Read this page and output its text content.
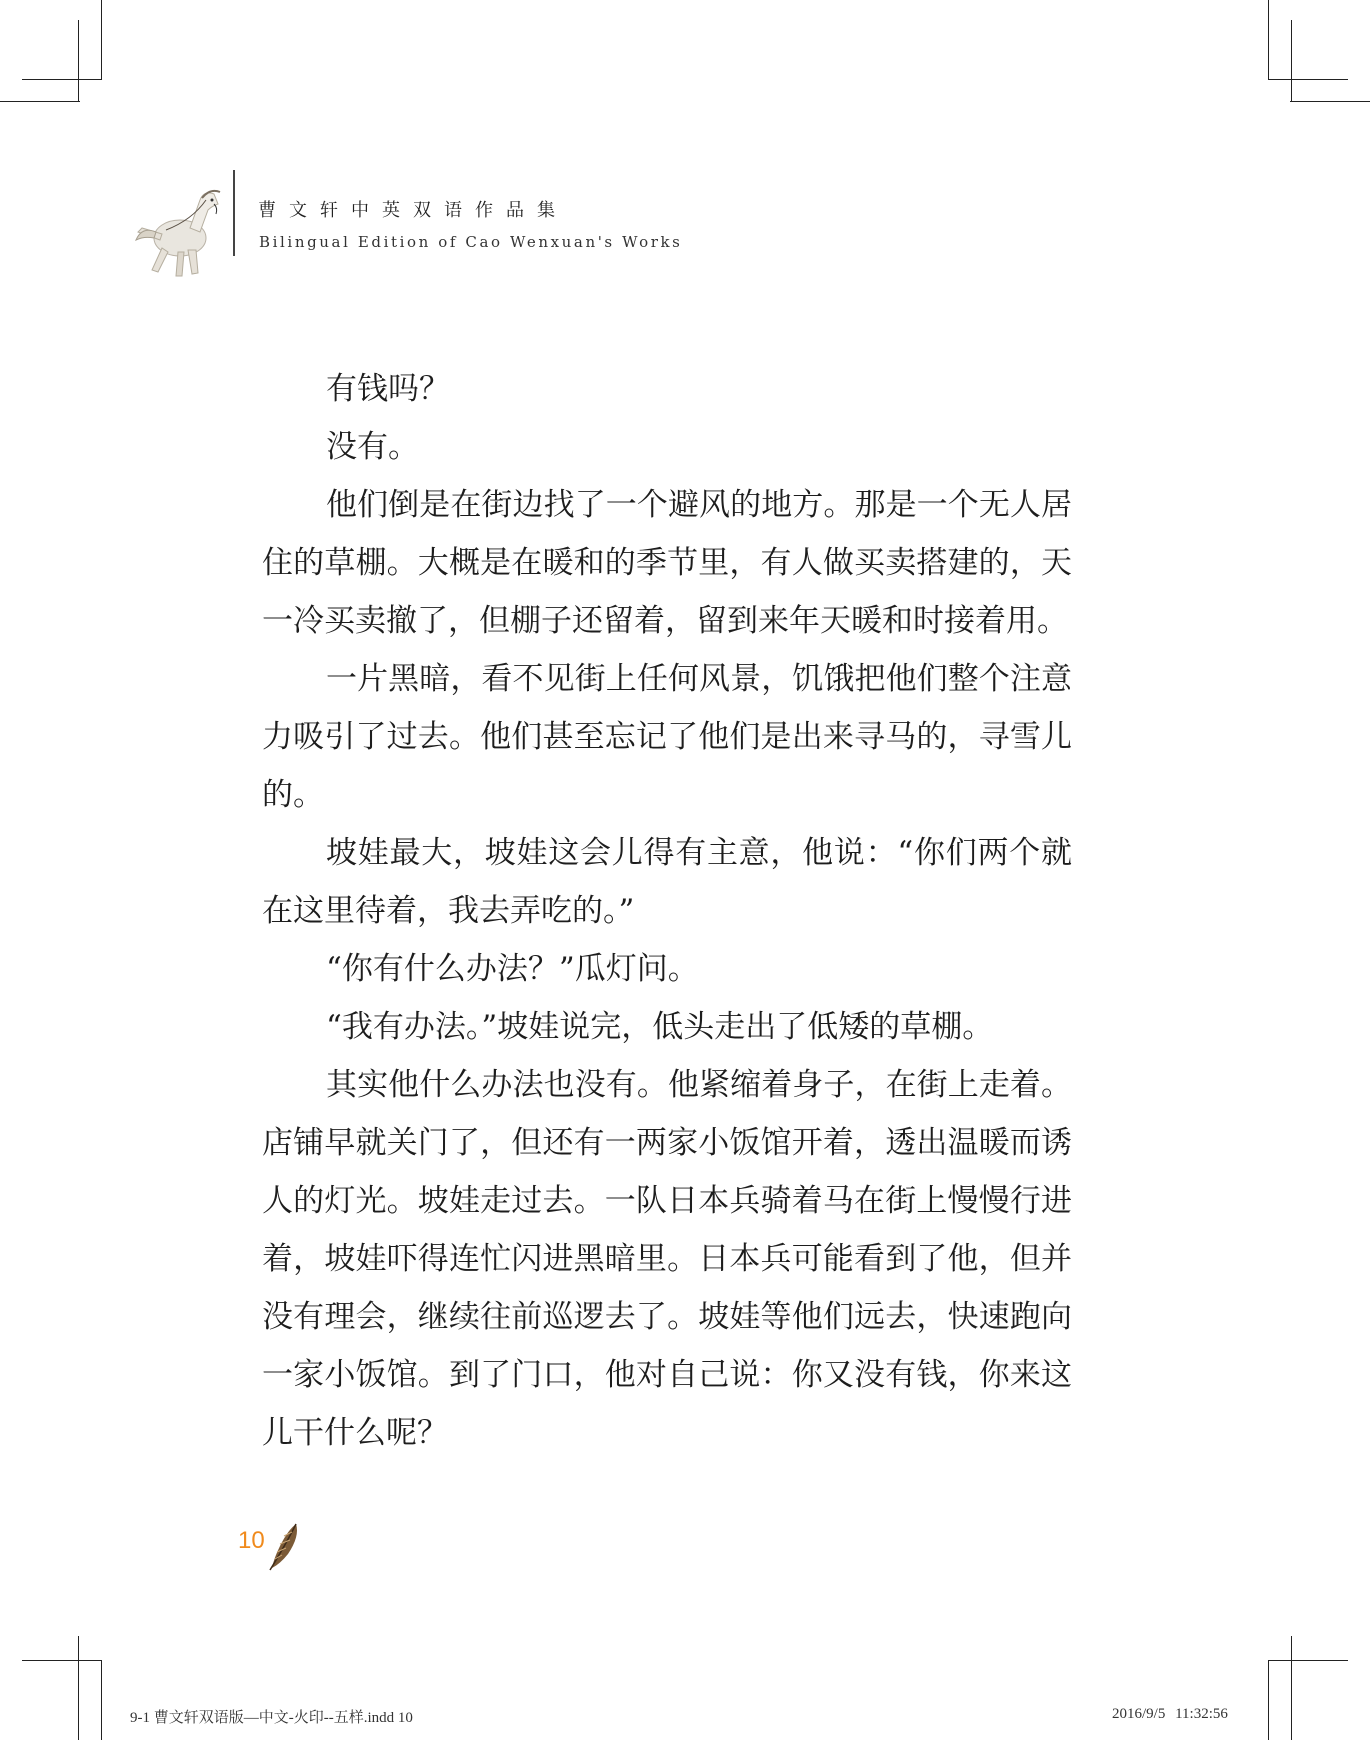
曹文轩中英双语作品集
Bilingual Edition of Cao Wenxuan's Works

有钱吗？

没有。

他们倒是在街边找了一个避风的地方。那是一个无人居住的草棚。大概是在暖和的季节里，有人做买卖搭建的，天一冷买卖撤了，但棚子还留着，留到来年天暖和时接着用。

一片黑暗，看不见街上任何风景，饥饿把他们整个注意力吸引了过去。他们甚至忘记了他们是出来寻马的，寻雪儿的。

坡娃最大，坡娃这会儿得有主意，他说：“你们两个就在这里待着，我去弄吃的。”

“你有什么办法？”瓜灯问。

“我有办法。”坡娃说完，低头走出了低矮的草棚。

其实他什么办法也没有。他紧缩着身子，在街上走着。店铺早就关门了，但还有一两家小饭馆开着，透出温暖而诱人的灯光。坡娃走过去。一队日本兵骑着马在街上慢慢行进着，坡娃吓得连忙闪进黑暗里。日本兵可能看到了他，但并没有理会，继续往前巡逻去了。坡娃等他们远去，快速跑向一家小饭馆。到了门口，他对自己说：你又没有钱，你来这儿干什么呢？

10
9-1 曹文轩双语版—中文-火印--五样.indd 10	2016/9/5 11:32:56
